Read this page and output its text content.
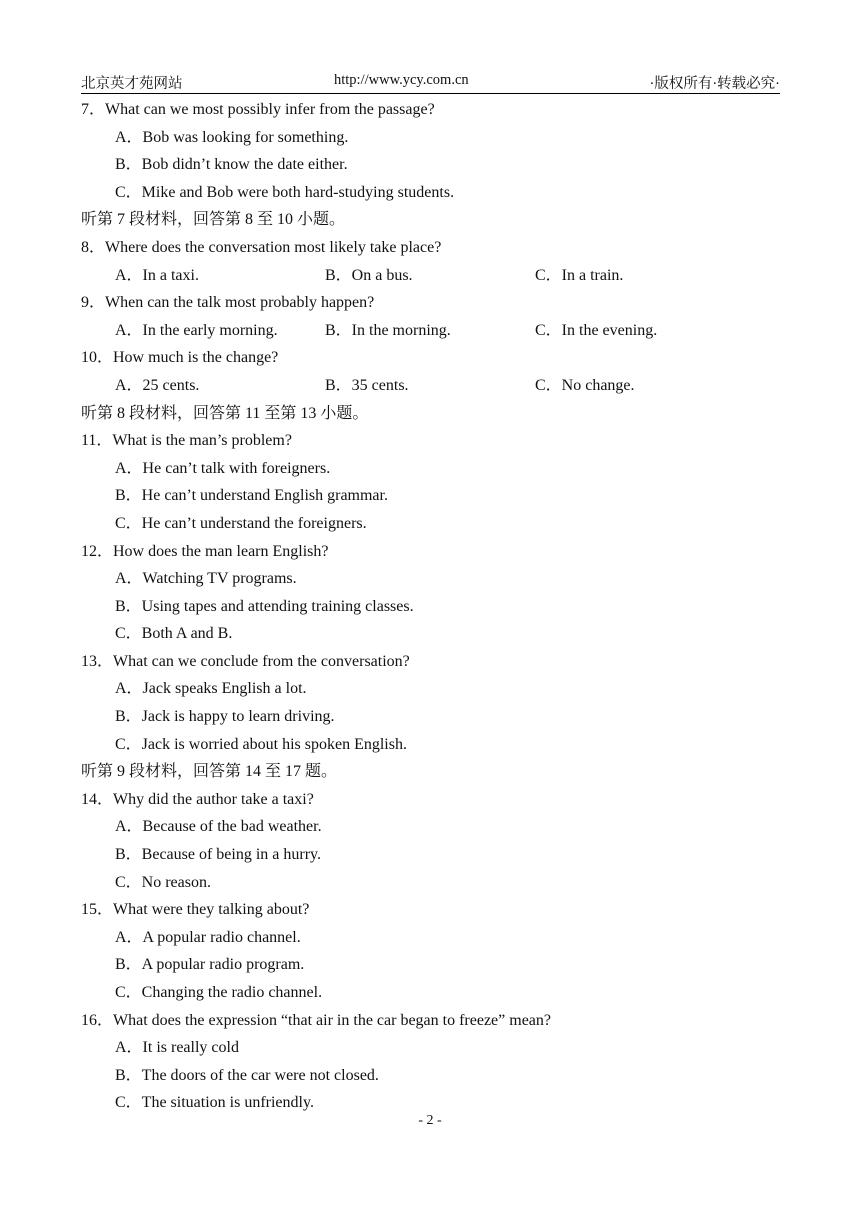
北京英才苑网站	http://www.ycy.com.cn	·版权所有·转载必究·
7．What can we most possibly infer from the passage?
A．Bob was looking for something.
B．Bob didn’t know the date either.
C．Mike and Bob were both hard-studying students.
听第 7 段材料，回答第 8 至 10 小题。
8．Where does the conversation most likely take place?
A．In a taxi.	B．On a bus.	C．In a train.
9．When can the talk most probably happen?
A．In the early morning.	B．In the morning.	C．In the evening.
10．How much is the change?
A．25 cents.	B．35 cents.	C．No change.
听第 8 段材料，回答第 11 至第 13 小题。
11．What is the man’s problem?
A．He can’t talk with foreigners.
B．He can’t understand English grammar.
C．He can’t understand the foreigners.
12．How does the man learn English?
A．Watching TV programs.
B．Using tapes and attending training classes.
C．Both A and B.
13．What can we conclude from the conversation?
A．Jack speaks English a lot.
B．Jack is happy to learn driving.
C．Jack is worried about his spoken English.
听第 9 段材料，回答第 14 至 17 题。
14．Why did the author take a taxi?
A．Because of the bad weather.
B．Because of being in a hurry.
C．No reason.
15．What were they talking about?
A．A popular radio channel.
B．A popular radio program.
C．Changing the radio channel.
16．What does the expression “that air in the car began to freeze” mean?
A．It is really cold
B．The doors of the car were not closed.
C．The situation is unfriendly.
- 2 -
